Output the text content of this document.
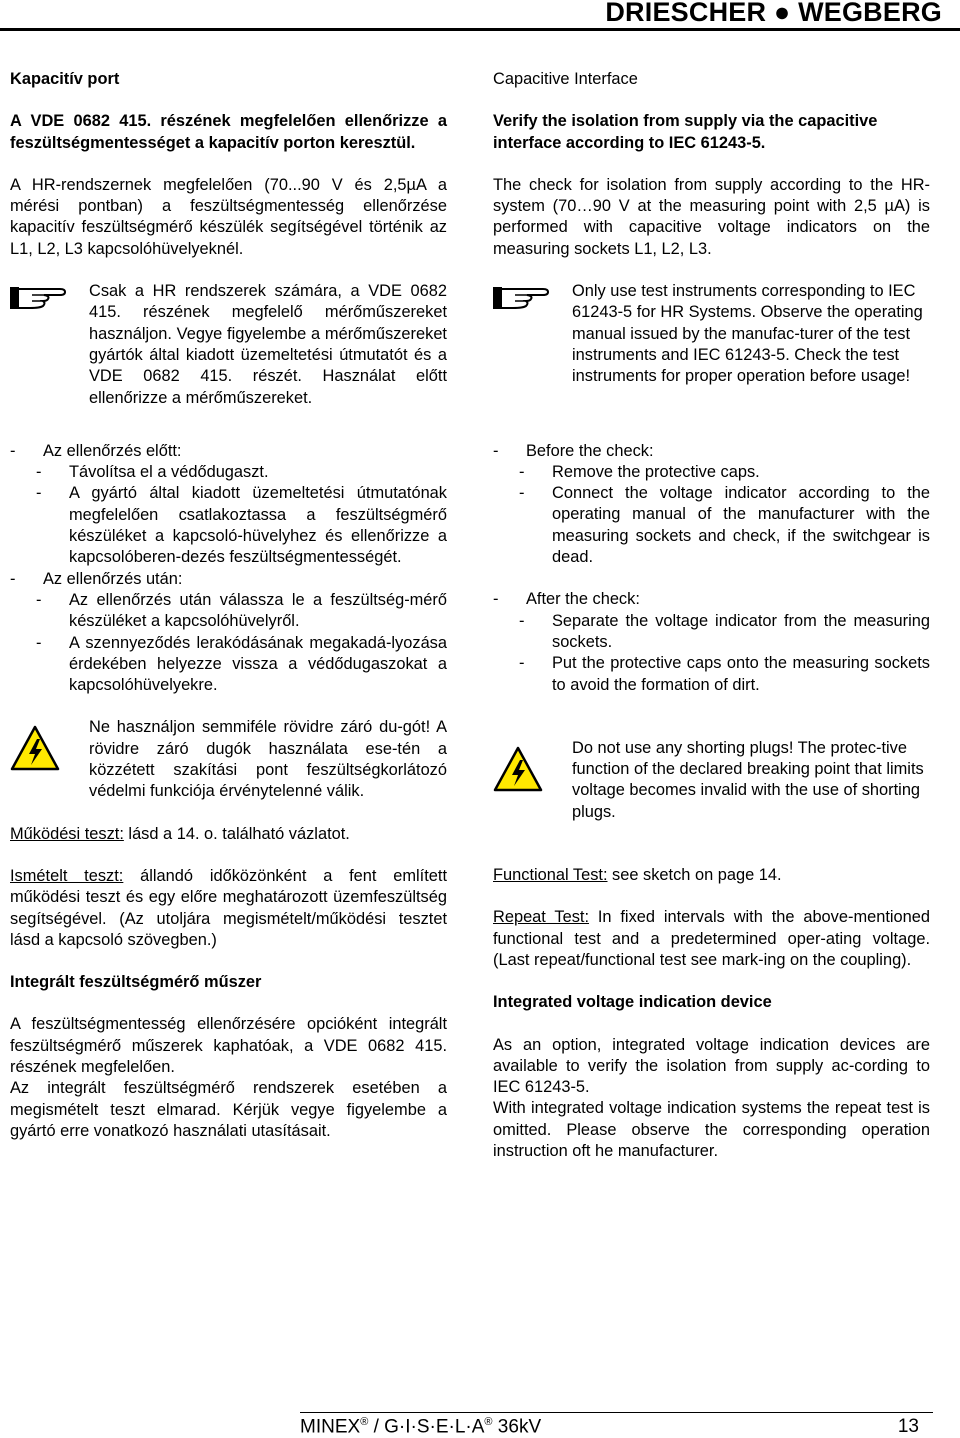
DRIESCHER ● WEGBERG

Kapacitív port

A VDE 0682 415. részének megfelelően ellenőrizze a feszültségmentességet a kapacitív porton keresztül.

A HR-rendszernek megfelelően (70...90 V és 2,5µA a mérési pontban) a feszültségmentesség ellenőrzése kapacitív feszültségmérő készülék segítségével történik az L1, L2, L3 kapcsolóhüvelyeknél.

Csak a HR rendszerek számára, a VDE 0682 415. részének megfelelő mérőműszereket használjon. Vegye figyelembe a mérőműszereket gyártók által kiadott üzemeltetési útmutatót és a VDE 0682 415. részét. Használat előtt ellenőrizze a mérőműszereket.

- Az ellenőrzés előtt:
- Távolítsa el a védődugaszt.
- A gyártó által kiadott üzemeltetési útmutatónak megfelelően csatlakoztassa a feszültségmérő készüléket a kapcsoló-hüvelyhez és ellenőrizze a kapcsolóberen-dezés feszültségmentességét.
- Az ellenőrzés után:
- Az ellenőrzés után válassza le a feszültség-mérő készüléket a kapcsolóhüvelyről.
- A szennyeződés lerakódásának megakadá-lyozása érdekében helyezze vissza a védődugaszokat a kapcsolóhüvelyekre.

Ne használjon semmiféle rövidre záró du-gót! A rövidre záró dugók használata ese-tén a közzétett szakítási pont feszültségkorlátozó védelmi funkciója érvénytelenné válik.

Működési teszt: lásd a 14. o. található vázlatot.

Ismételt teszt: állandó időközönként a fent említett működési teszt és egy előre meghatározott üzemfeszültség segítségével. (Az utoljára megismételt/működési tesztet lásd a kapcsoló szövegben.)

Integrált feszültségmérő műszer

A feszültségmentesség ellenőrzésére opcióként integrált feszültségmérő műszerek kaphatóak, a VDE 0682 415. részének megfelelően.

Az integrált feszültségmérő rendszerek esetében a megismételt teszt elmarad. Kérjük vegye figyelembe a gyártó erre vonatkozó használati utasításait.

Capacitive Interface

Verify the isolation from supply via the capacitive interface according to IEC 61243-5.

The check for isolation from supply according to the HR-system (70…90 V at the measuring point with 2,5 µA) is performed with capacitive voltage indicators on the measuring sockets L1, L2, L3.

Only use test instruments corresponding to IEC 61243-5 for HR Systems. Observe the operating manual issued by the manufac-turer of the test instruments and IEC 61243-5. Check the test instruments for proper operation before usage!

- Before the check:
- Remove the protective caps.
- Connect the voltage indicator according to the operating manual of the manufacturer with the measuring sockets and check, if the switchgear is dead.
- After the check:
- Separate the voltage indicator from the measuring sockets.
- Put the protective caps onto the measuring sockets to avoid the formation of dirt.

Do not use any shorting plugs! The protec-tive function of the declared breaking point that limits voltage becomes invalid with the use of shorting plugs.

Functional Test: see sketch on page 14.

Repeat Test: In fixed intervals with the above-mentioned functional test and a predetermined oper-ating voltage. (Last repeat/functional test see mark-ing on the coupling).

Integrated voltage indication device

As an option, integrated voltage indication devices are available to verify the isolation from supply ac-cording to IEC 61243-5.

With integrated voltage indication systems the repeat test is omitted. Please observe the corresponding operation instruction oft he manufacturer.

MINEX® / G·I·S·E·L·A® 36kV	13
